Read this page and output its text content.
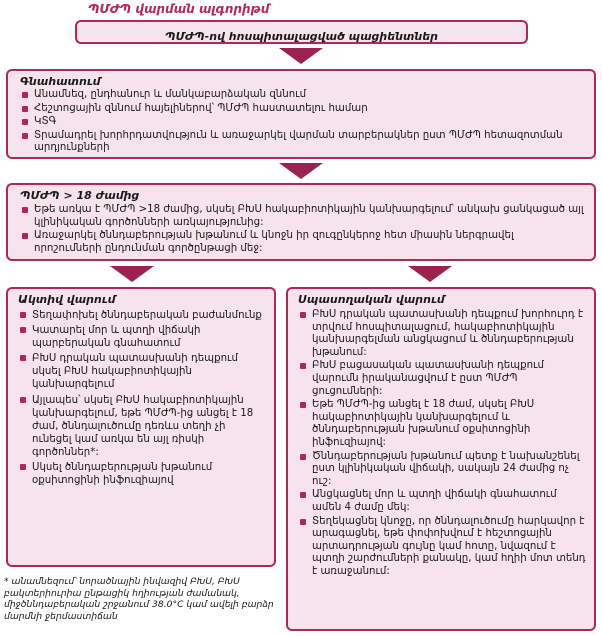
ՊՄԺՊ վարման ալգորիթմ
ՊՄԺՊ-ով հոսպիտալացված պացիենտներ
Գնահատում
Անամնեզ, ընդհանուր և մանկաբարձական զննում
Հեշտոցային զննում հայելիներով՝ ՊՄԺՊ հաստատելու համար
ԿՏԳ
Տրամադրել խորհրդատվություն և առաջարկել վարման տարբերակներ ըստ ՊՄԺՊ հետազոտման արդյունքների
ՊՄԺՊ > 18 ժամից
Եթե առկա է ՊՄԺՊ >18 ժամից, սկսել ԲԽՍ հակաբիոտիկային կանխարգելում՝ անկախ ցանկացած այլ կլինիկական գործոնների առկայությունից:
Առաջարկել ծննդաբերության խթանում և կնոջն իր զուգընկերոջ հետ միասին ներգրավել որոշումների ընդունման գործընթացի մեջ:
Ակտիվ վարում
Տեղափոխել ծննդաբերական բաժանմունք
Կատարել մոր և պտղի վիճակի պարբերական գնահատում
ԲԽՍ դրական պատասխանի դեպքում սկսել ԲԽՍ հակաբիոտիկային կանխարգելում
Այլապես՝ սկսել ԲԽՍ հակաբիոտիկային կանխարգելում, եթե ՊՄԺՊ-ից անցել է 18 ժամ, ծննդալուծումը դեռևս տեղի չի ունեցել կամ առկա են այլ ռիսկի գործոններ*:
Սկսել ծննդաբերության խթանում օքսիտոցինի ինֆուզիայով
Սպասողական վարում
ԲԽՍ դրական պատասխանի դեպքում խորհուրդ է տրվում հոսպիտալացում, հակաբիոտիկային կանխարգելման անցկացում և ծննդաբերության խթանում:
ԲԽՍ բացասական պատասխանի դեպքում վարումն իրականացվում է ըստ ՊՄԺՊ ցուցումների:
Եթե ՊՄԺՊ-ից անցել է 18 ժամ, սկսել ԲԽՍ հակաբիոտիկային կանխարգելում և ծննդաբերության խթանում օքսիտոցինի ինֆուզիայով:
Ծննդաբերության խթանում պետք է նախանշենել ըստ կլինիկական վիճակի, սակայն 24 ժամից ոչ ուշ:
Անցկացնել մոր և պտղի վիճակի գնահատում ամեն 4 ժամը մեկ:
Տեղեկացնել կնոջը, որ ծննդալուծումը հարկավոր է արագացնել, եթե փոփոխվում է հեշտոցային արտադրության գույնը կամ հոտը, նվազում է պտղի շարժումների քանակը, կամ հղիի մոտ տենդ է առաջանում:
* անամնեզում՝ նորածնային ինվազիվ ԲԽՍ, ԲԽՍ բակտերիուրիա ընթացիկ հղիության ժամանակ, միջծննդաբերական շրջանում 38.0°C կամ ավելի բարձր մարմնի ջերմաստիճան
